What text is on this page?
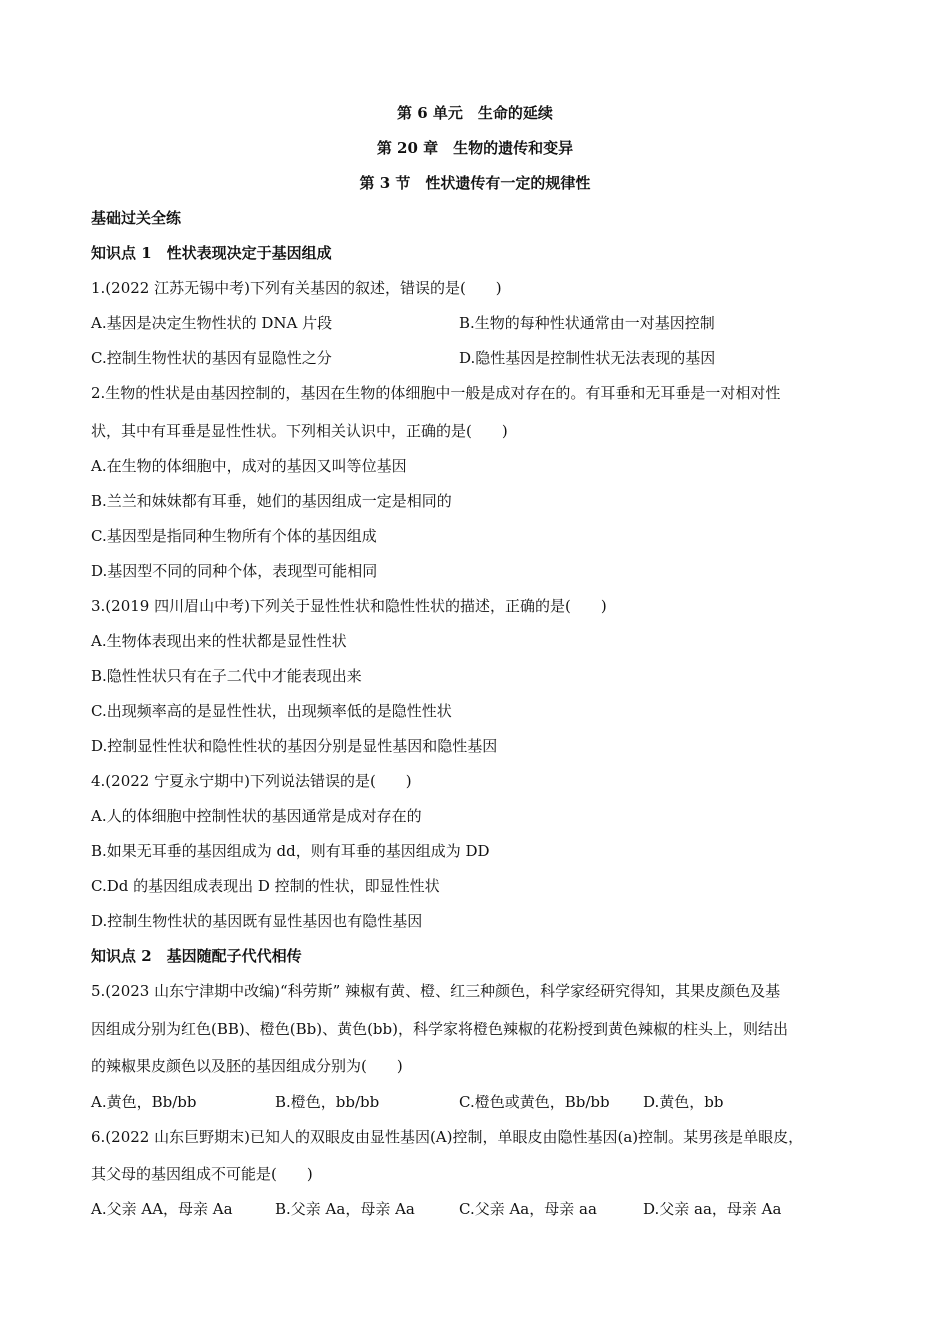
第 6 单元　生命的延续
第 20 章　生物的遗传和变异
第 3 节　性状遗传有一定的规律性
基础过关全练
知识点 1　性状表现决定于基因组成
1.(2022 江苏无锡中考)下列有关基因的叙述，错误的是(　　)
A.基因是决定生物性状的 DNA 片段	B.生物的每种性状通常由一对基因控制
C.控制生物性状的基因有显隐性之分	D.隐性基因是控制性状无法表现的基因
2.生物的性状是由基因控制的，基因在生物的体细胞中一般是成对存在的。有耳垂和无耳垂是一对相对性
状，其中有耳垂是显性性状。下列相关认识中，正确的是(　　)
A.在生物的体细胞中，成对的基因又叫等位基因
B.兰兰和妹妹都有耳垂，她们的基因组成一定是相同的
C.基因型是指同种生物所有个体的基因组成
D.基因型不同的同种个体，表现型可能相同
3.(2019 四川眉山中考)下列关于显性性状和隐性性状的描述，正确的是(　　)
A.生物体表现出来的性状都是显性性状
B.隐性性状只有在子二代中才能表现出来
C.出现频率高的是显性性状，出现频率低的是隐性性状
D.控制显性性状和隐性性状的基因分别是显性基因和隐性基因
4.(2022 宁夏永宁期中)下列说法错误的是(　　)
A.人的体细胞中控制性状的基因通常是成对存在的
B.如果无耳垂的基因组成为 dd，则有耳垂的基因组成为 DD
C.Dd 的基因组成表现出 D 控制的性状，即显性性状
D.控制生物性状的基因既有显性基因也有隐性基因
知识点 2　基因随配子代代相传
5.(2023 山东宁津期中改编)“科劳斯” 辣椒有黄、橙、红三种颜色，科学家经研究得知，其果皮颜色及基
因组成分别为红色(BB)、橙色(Bb)、黄色(bb)，科学家将橙色辣椒的花粉授到黄色辣椒的柱头上，则结出
的辣椒果皮颜色以及胚的基因组成分别为(　　)
A.黄色，Bb/bb	B.橙色，bb/bb	C.橙色或黄色，Bb/bb D.黄色，bb
6.(2022 山东巨野期末)已知人的双眼皮由显性基因(A)控制，单眼皮由隐性基因(a)控制。某男孩是单眼皮，
其父母的基因组成不可能是(　　)
A.父亲 AA，母亲 Aa	B.父亲 Aa，母亲 Aa	C.父亲 Aa，母亲 aa	D.父亲 aa，母亲 Aa
